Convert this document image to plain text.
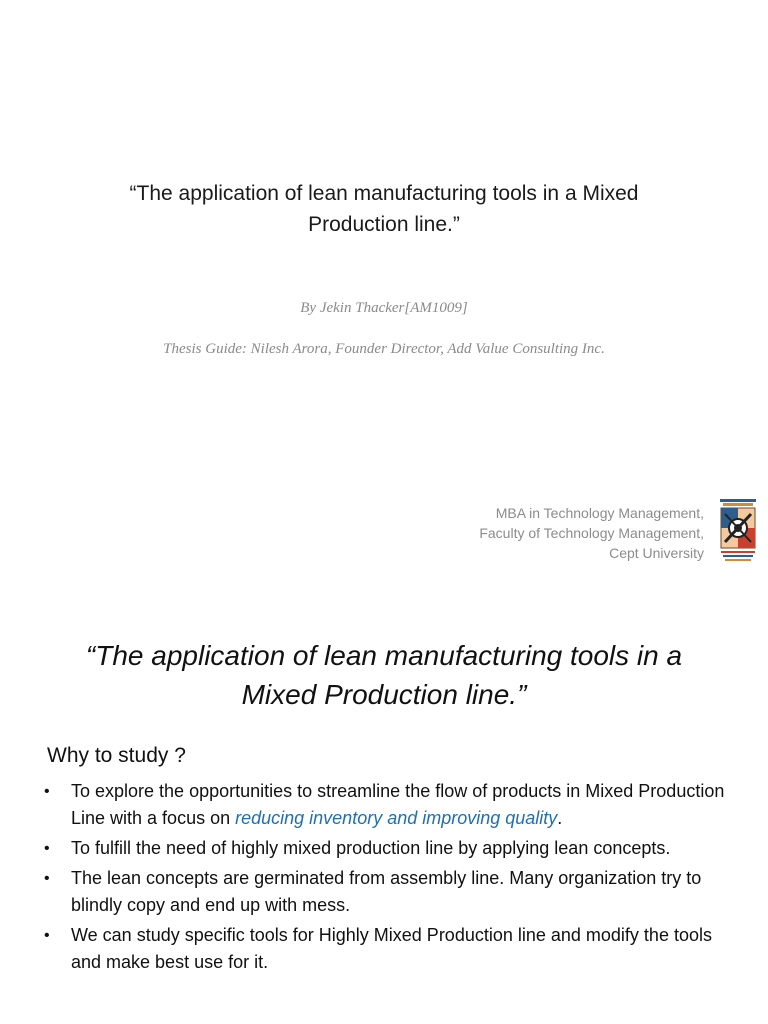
“The application of lean manufacturing tools in a Mixed
Production line.”
By Jekin Thacker[AM1009]
Thesis Guide: Nilesh Arora, Founder Director, Add Value Consulting Inc.
MBA in Technology Management,
Faculty of Technology Management,
Cept University
“The application of lean manufacturing tools in a
Mixed Production line.”
Why to study ?
• To explore the opportunities to streamline the flow of products in Mixed Production Line with a focus on reducing inventory and improving quality.
• To fulfill the need of highly mixed production line by applying lean concepts.
• The lean concepts are germinated from assembly line. Many organization try to blindly copy and end up with mess.
• We can study specific tools for Highly Mixed Production line and modify the tools and make best use for it.
